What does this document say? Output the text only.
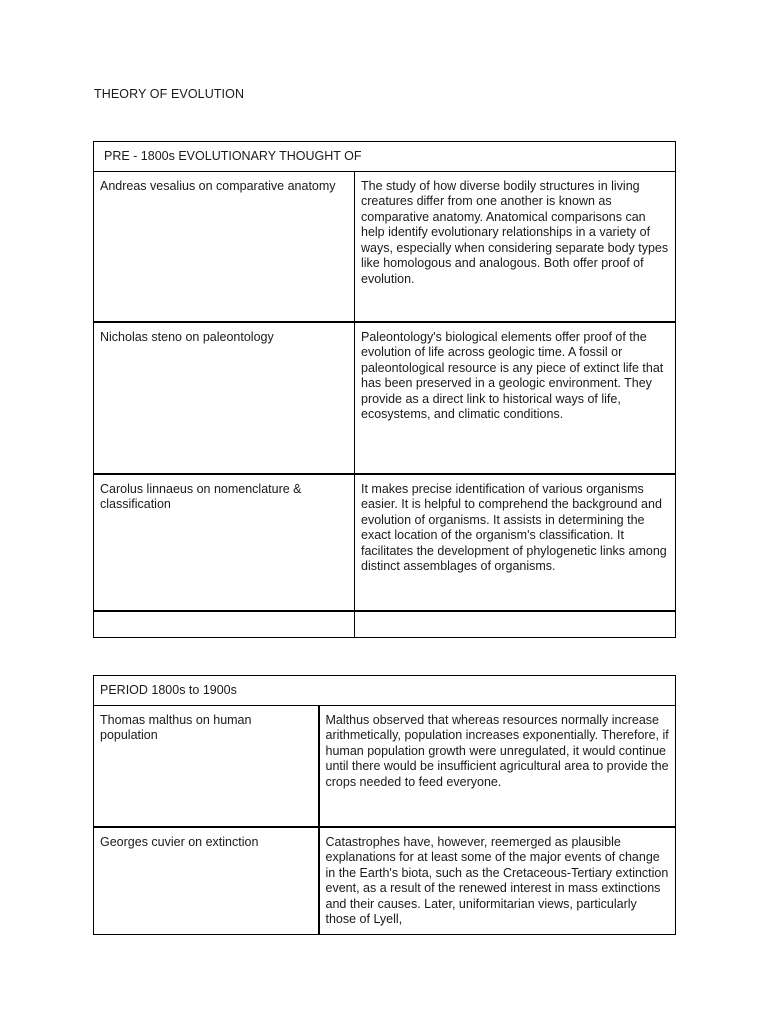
THEORY OF EVOLUTION
PRE - 1800s EVOLUTIONARY THOUGHT OF	
Andreas vesalius on comparative anatomy	The study of how diverse bodily structures in living creatures differ from one another is known as comparative anatomy. Anatomical comparisons can help identify evolutionary relationships in a variety of ways, especially when considering separate body types like homologous and analogous. Both offer proof of evolution.
Nicholas steno on paleontology	Paleontology's biological elements offer proof of the evolution of life across geologic time. A fossil or paleontological resource is any piece of extinct life that has been preserved in a geologic environment. They provide as a direct link to historical ways of life, ecosystems, and climatic conditions.
Carolus linnaeus on nomenclature & classification	It makes precise identification of various organisms easier. It is helpful to comprehend the background and evolution of organisms. It assists in determining the exact location of the organism's classification. It facilitates the development of phylogenetic links among distinct assemblages of organisms.

PERIOD 1800s to 1900s	
Thomas malthus on human population	Malthus observed that whereas resources normally increase arithmetically, population increases exponentially. Therefore, if human population growth were unregulated, it would continue until there would be insufficient agricultural area to provide the crops needed to feed everyone.
Georges cuvier on extinction	Catastrophes have, however, reemerged as plausible explanations for at least some of the major events of change in the Earth's biota, such as the Cretaceous-Tertiary extinction event, as a result of the renewed interest in mass extinctions and their causes. Later, uniformitarian views, particularly those of Lyell,
